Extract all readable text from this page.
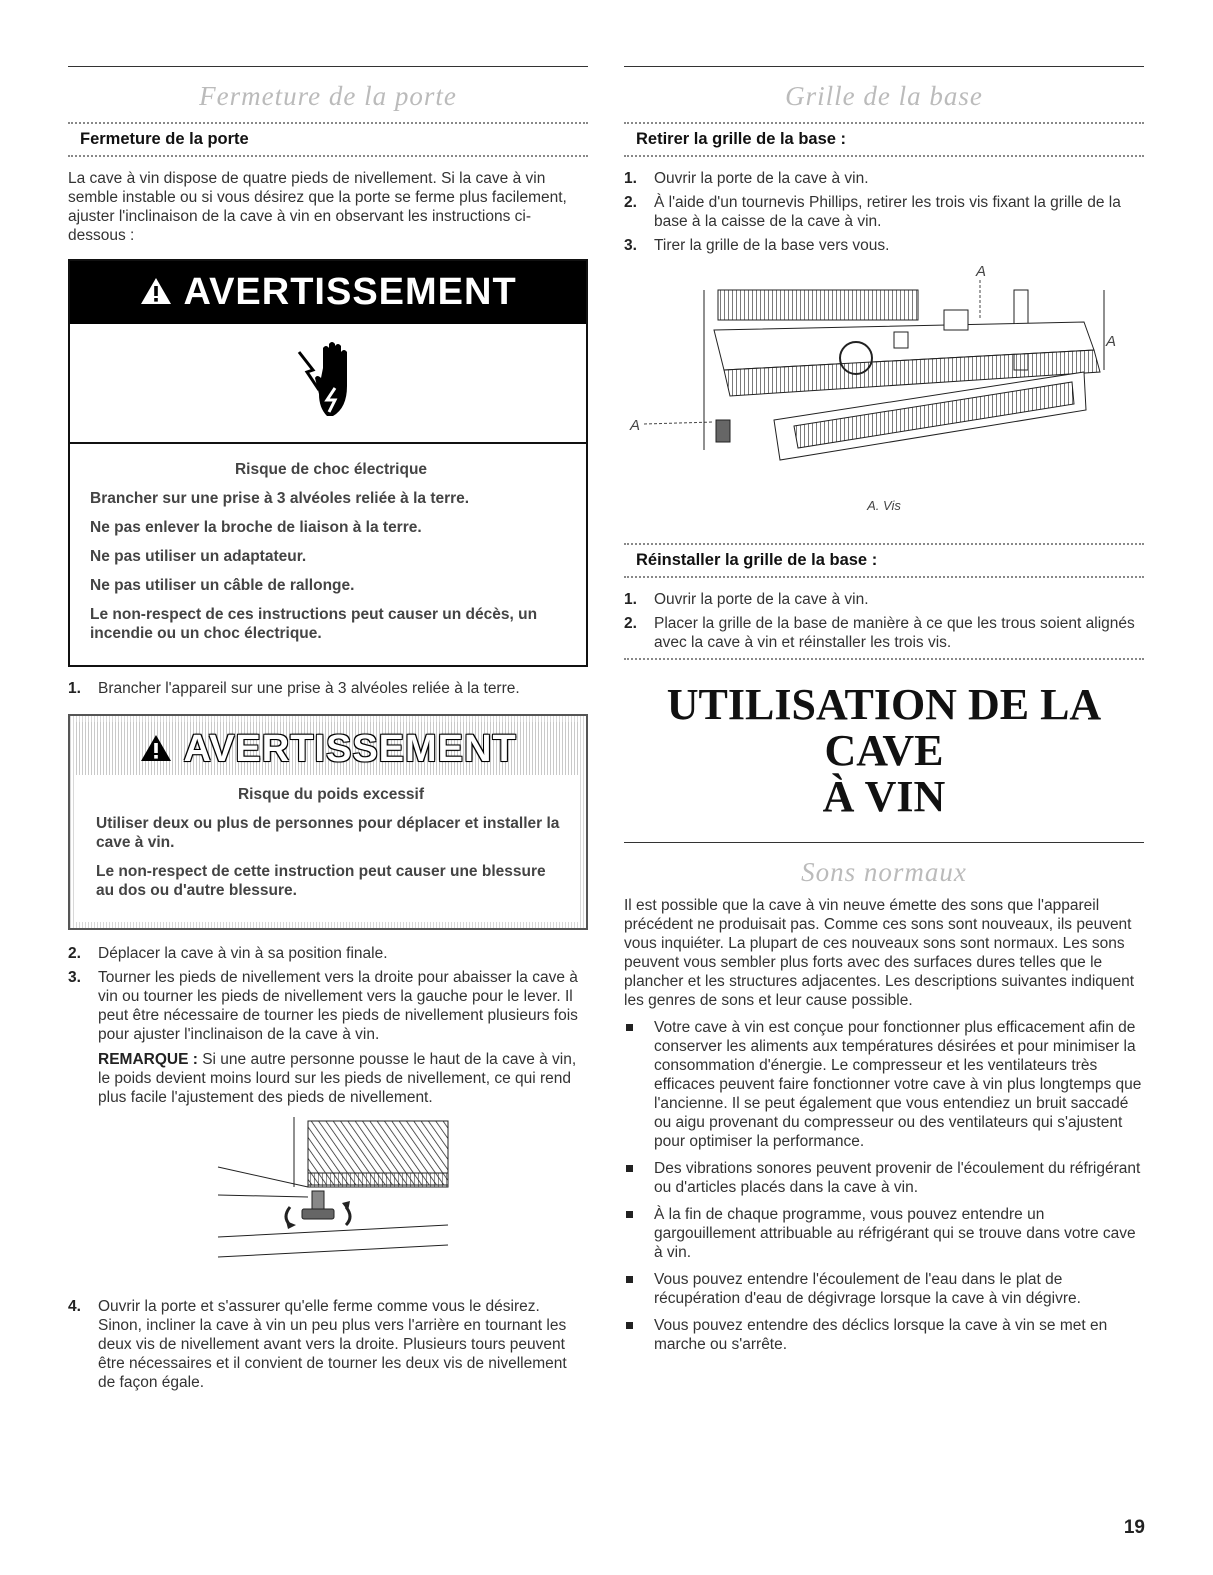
Fermeture de la porte
Fermeture de la porte

La cave à vin dispose de quatre pieds de nivellement. Si la cave à vin semble instable ou si vous désirez que la porte se ferme plus facilement, ajuster l'inclinaison de la cave à vin en observant les instructions ci-dessous :

AVERTISSEMENT

Risque de choc électrique

Brancher sur une prise à 3 alvéoles reliée à la terre.

Ne pas enlever la broche de liaison à la terre.

Ne pas utiliser un adaptateur.

Ne pas utiliser un câble de rallonge.

Le non-respect de ces instructions peut causer un décès, un incendie ou un choc électrique.

1. Brancher l'appareil sur une prise à 3 alvéoles reliée à la terre.
AVERTISSEMENT

Risque du poids excessif

Utiliser deux ou plus de personnes pour déplacer et installer la cave à vin.

Le non-respect de cette instruction peut causer une blessure au dos ou d'autre blessure.

2. Déplacer la cave à vin à sa position finale.
3. Tourner les pieds de nivellement vers la droite pour abaisser la cave à vin ou tourner les pieds de nivellement vers la gauche pour le lever. Il peut être nécessaire de tourner les pieds de nivellement plusieurs fois pour ajuster l'inclinaison de la cave à vin.
REMARQUE : Si une autre personne pousse le haut de la cave à vin, le poids devient moins lourd sur les pieds de nivellement, ce qui rend plus facile l'ajustement des pieds de nivellement.
4. Ouvrir la porte et s'assurer qu'elle ferme comme vous le désirez. Sinon, incliner la cave à vin un peu plus vers l'arrière en tournant les deux vis de nivellement avant vers la droite. Plusieurs tours peuvent être nécessaires et il convient de tourner les deux vis de nivellement de façon égale.
Grille de la base
Retirer la grille de la base :
1. Ouvrir la porte de la cave à vin.
2. À l'aide d'un tournevis Phillips, retirer les trois vis fixant la grille de la base à la caisse de la cave à vin.
3. Tirer la grille de la base vers vous.
A
A
A

A. Vis

Réinstaller la grille de la base :
1. Ouvrir la porte de la cave à vin.
2. Placer la grille de la base de manière à ce que les trous soient alignés avec la cave à vin et réinstaller les trois vis.
UTILISATION DE LA CAVE
À VIN
Sons normaux

Il est possible que la cave à vin neuve émette des sons que l'appareil précédent ne produisait pas. Comme ces sons sont nouveaux, ils peuvent vous inquiéter. La plupart de ces nouveaux sons sont normaux. Les sons peuvent vous sembler plus forts avec des surfaces dures telles que le plancher et les structures adjacentes. Les descriptions suivantes indiquent les genres de sons et leur cause possible.

Votre cave à vin est conçue pour fonctionner plus efficacement afin de conserver les aliments aux températures désirées et pour minimiser la consommation d'énergie. Le compresseur et les ventilateurs très efficaces peuvent faire fonctionner votre cave à vin plus longtemps que l'ancienne. Il se peut également que vous entendiez un bruit saccadé ou aigu provenant du compresseur ou des ventilateurs qui s'ajustent pour optimiser la performance.
Des vibrations sonores peuvent provenir de l'écoulement du réfrigérant ou d'articles placés dans la cave à vin.
À la fin de chaque programme, vous pouvez entendre un gargouillement attribuable au réfrigérant qui se trouve dans votre cave à vin.
Vous pouvez entendre l'écoulement de l'eau dans le plat de récupération d'eau de dégivrage lorsque la cave à vin dégivre.
Vous pouvez entendre des déclics lorsque la cave à vin se met en marche ou s'arrête.
19
